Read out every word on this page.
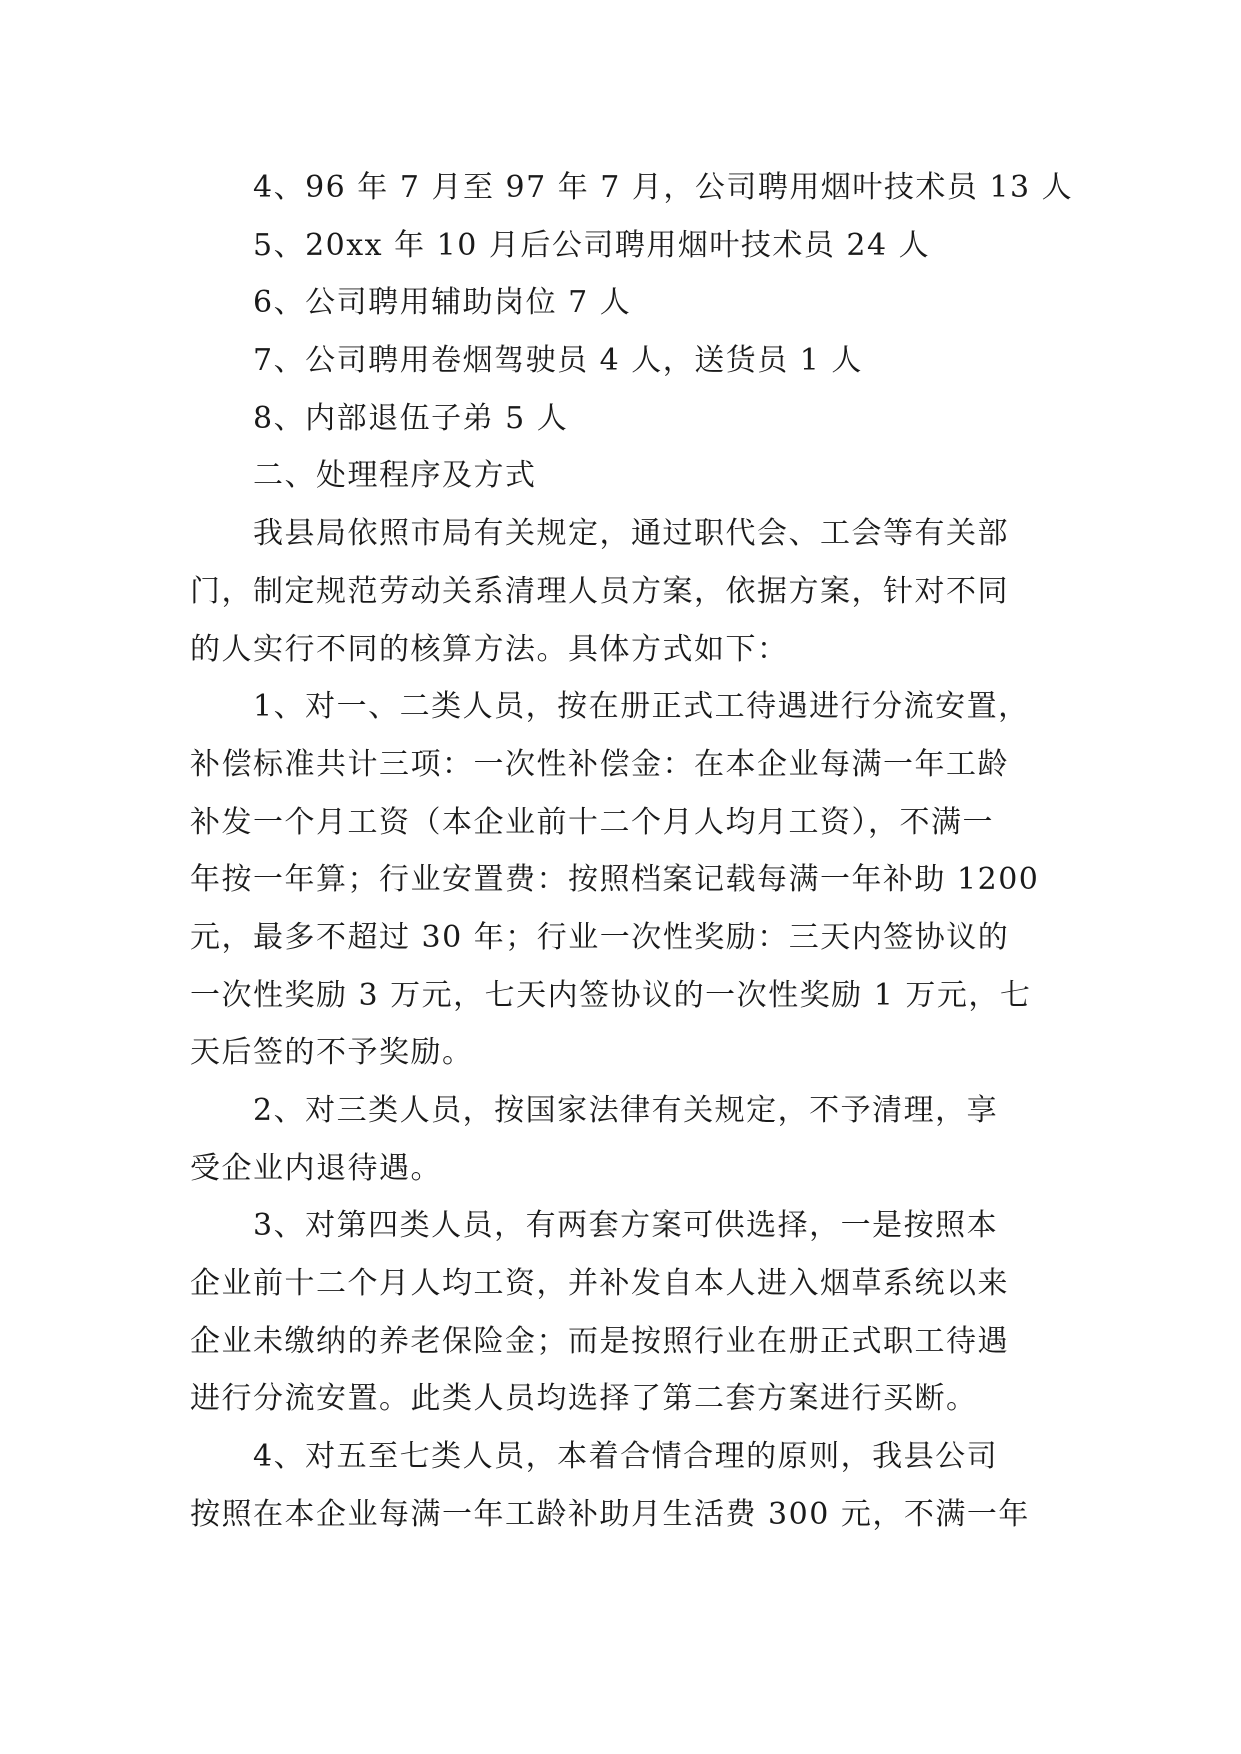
4、96 年 7 月至 97 年 7 月，公司聘用烟叶技术员 13 人
5、20xx 年 10 月后公司聘用烟叶技术员 24 人
6、公司聘用辅助岗位 7 人
7、公司聘用卷烟驾驶员 4 人，送货员 1 人
8、内部退伍子弟 5 人
二、处理程序及方式
我县局依照市局有关规定，通过职代会、工会等有关部
门，制定规范劳动关系清理人员方案，依据方案，针对不同
的人实行不同的核算方法。具体方式如下：
1、对一、二类人员，按在册正式工待遇进行分流安置，
补偿标准共计三项：一次性补偿金：在本企业每满一年工龄
补发一个月工资（本企业前十二个月人均月工资），不满一
年按一年算；行业安置费：按照档案记载每满一年补助 1200
元，最多不超过 30 年；行业一次性奖励：三天内签协议的
一次性奖励 3 万元，七天内签协议的一次性奖励 1 万元，七
天后签的不予奖励。
2、对三类人员，按国家法律有关规定，不予清理，享
受企业内退待遇。
3、对第四类人员，有两套方案可供选择，一是按照本
企业前十二个月人均工资，并补发自本人进入烟草系统以来
企业未缴纳的养老保险金；而是按照行业在册正式职工待遇
进行分流安置。此类人员均选择了第二套方案进行买断。
4、对五至七类人员，本着合情合理的原则，我县公司
按照在本企业每满一年工龄补助月生活费 300 元，不满一年
